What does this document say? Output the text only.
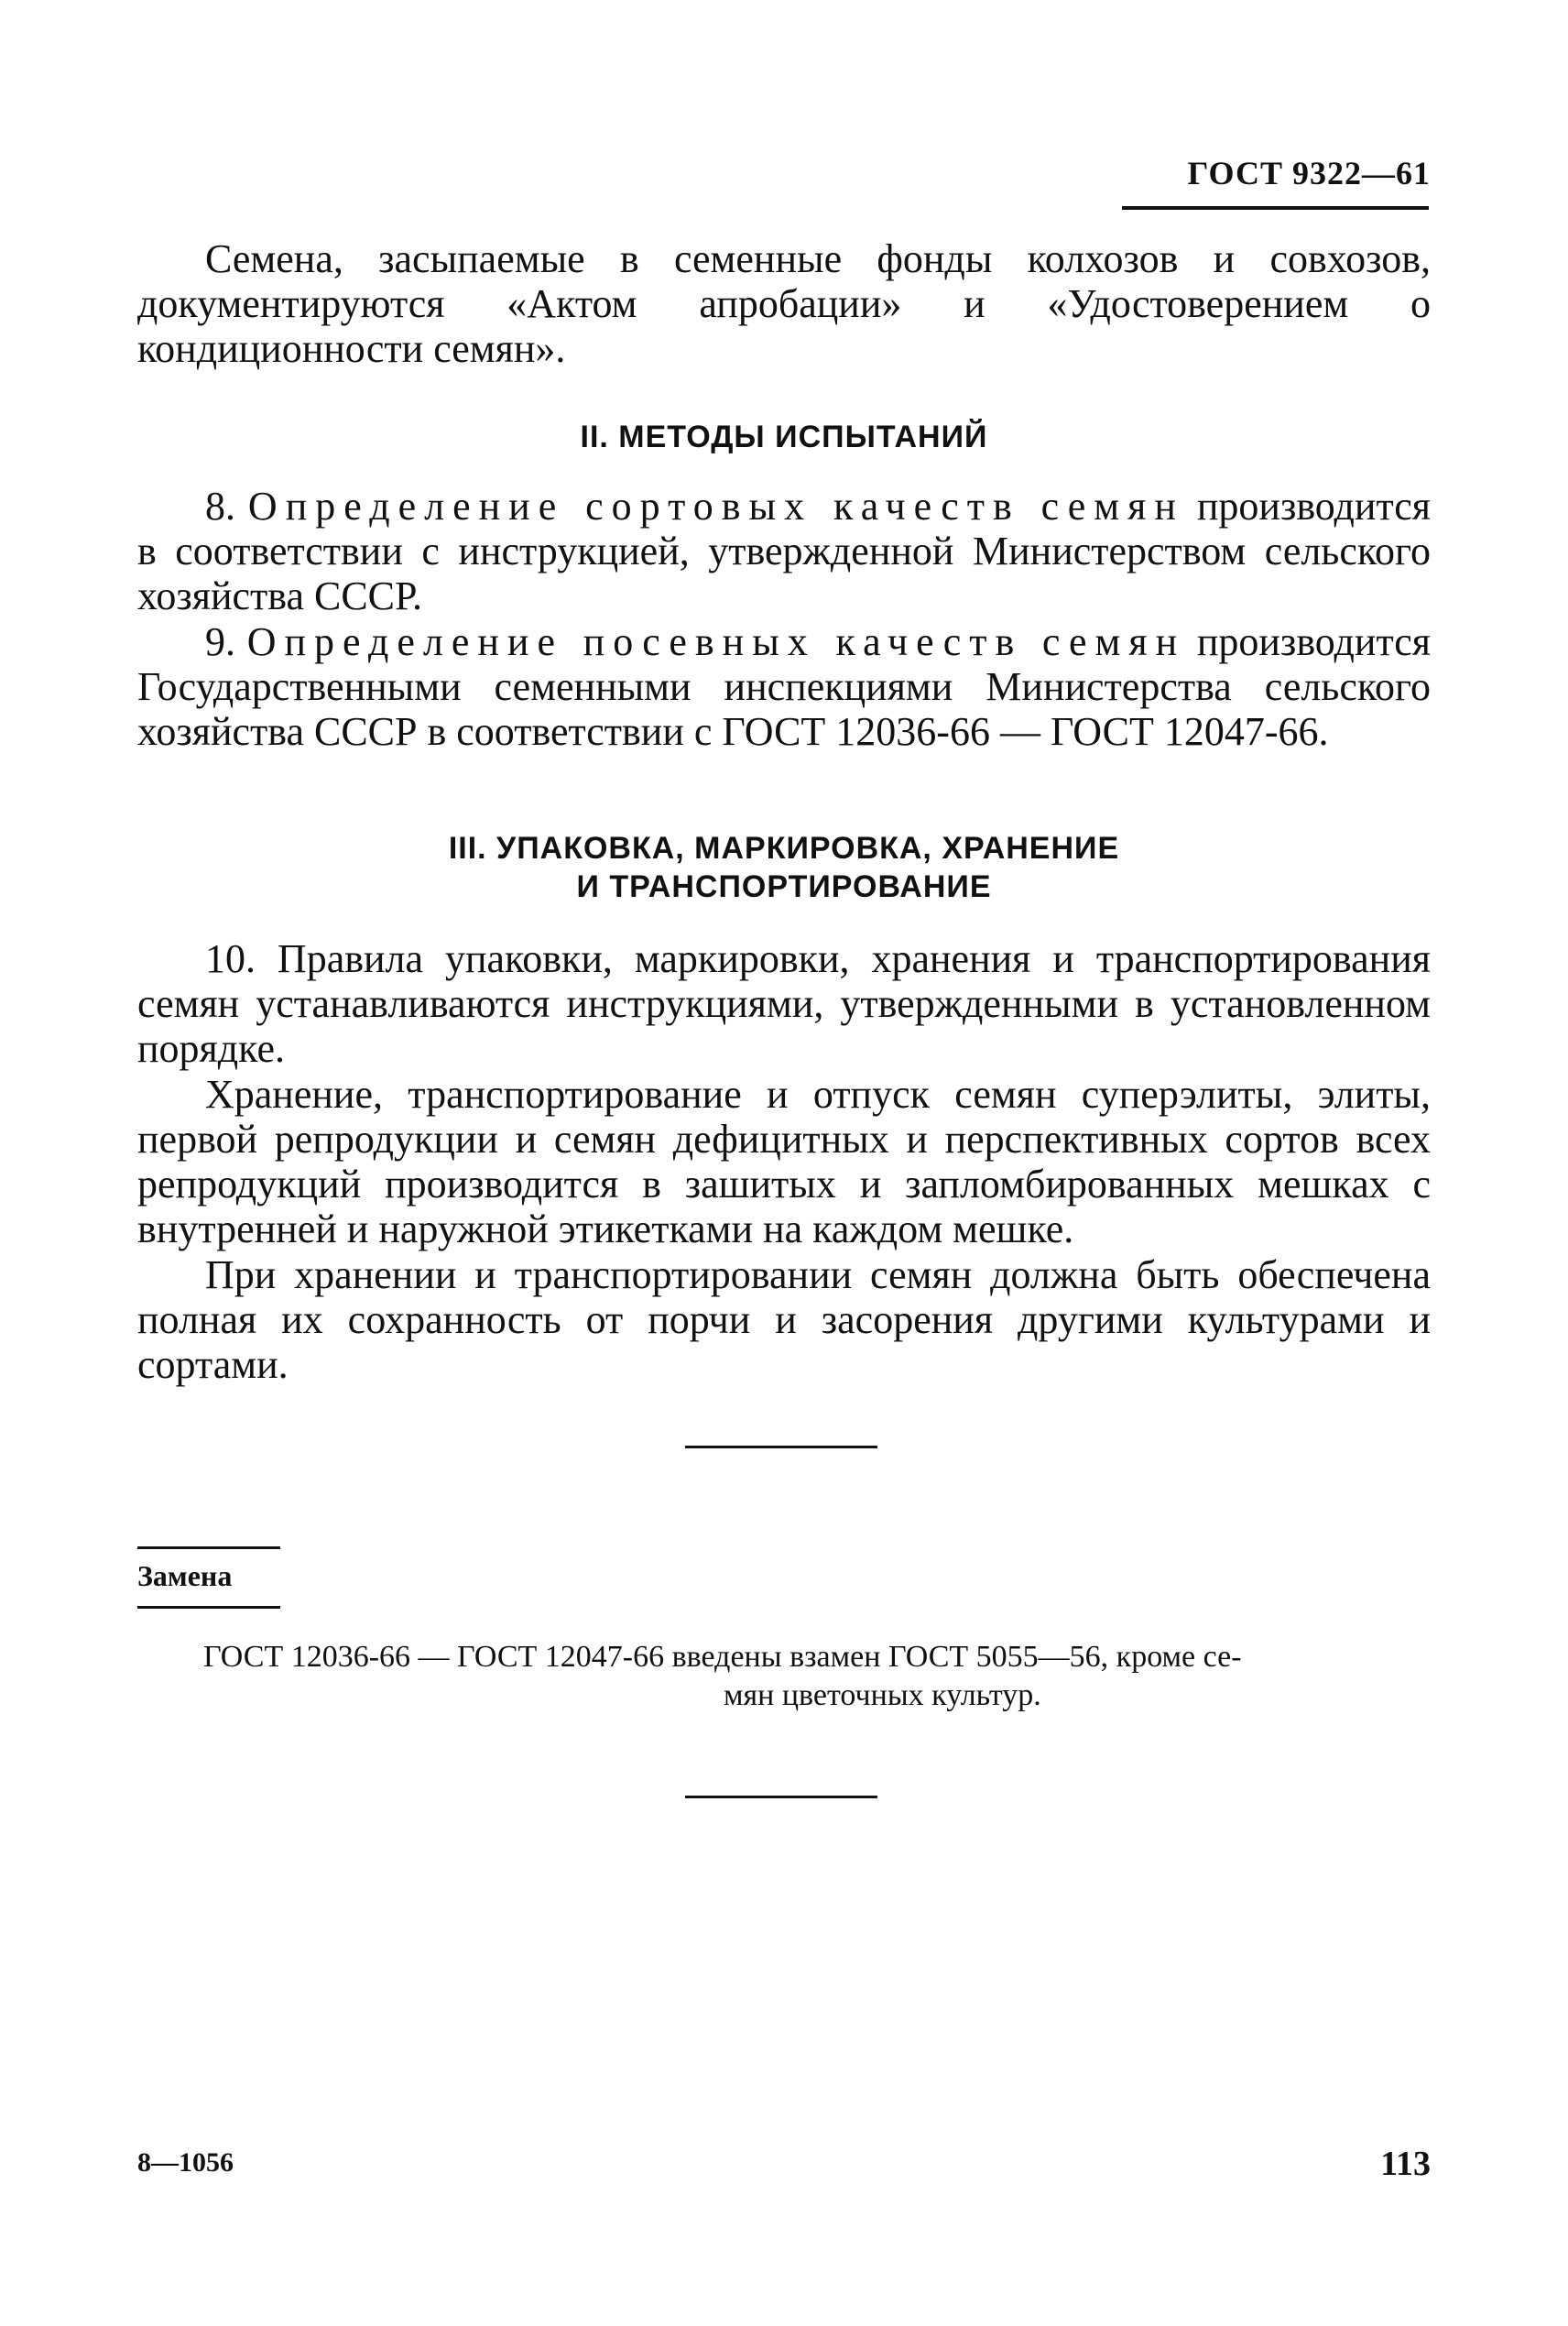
ГОСТ 9322—61

Семена, засыпаемые в семенные фонды колхозов и совхозов, документируются «Актом апробации» и «Удостоверением о кондиционности семян».

II. МЕТОДЫ ИСПЫТАНИЙ

8. Определение сортовых качеств семян производится в соответствии с инструкцией, утвержденной Министерством сельского хозяйства СССР.

9. Определение посевных качеств семян производится Государственными семенными инспекциями Министерства сельского хозяйства СССР в соответствии с ГОСТ 12036-66 — ГОСТ 12047-66.

III. УПАКОВКА, МАРКИРОВКА, ХРАНЕНИЕ
И ТРАНСПОРТИРОВАНИЕ

10. Правила упаковки, маркировки, хранения и транспортирования семян устанавливаются инструкциями, утвержденными в установленном порядке.

Хранение, транспортирование и отпуск семян суперэлиты, элиты, первой репродукции и семян дефицитных и перспективных сортов всех репродукций производится в зашитых и запломбированных мешках с внутренней и наружной этикетками на каждом мешке.

При хранении и транспортировании семян должна быть обеспечена полная их сохранность от порчи и засорения другими культурами и сортами.

Замена

ГОСТ 12036-66 — ГОСТ 12047-66 введены взамен ГОСТ 5055—56, кроме се-
мян цветочных культур.

8—1056	113
